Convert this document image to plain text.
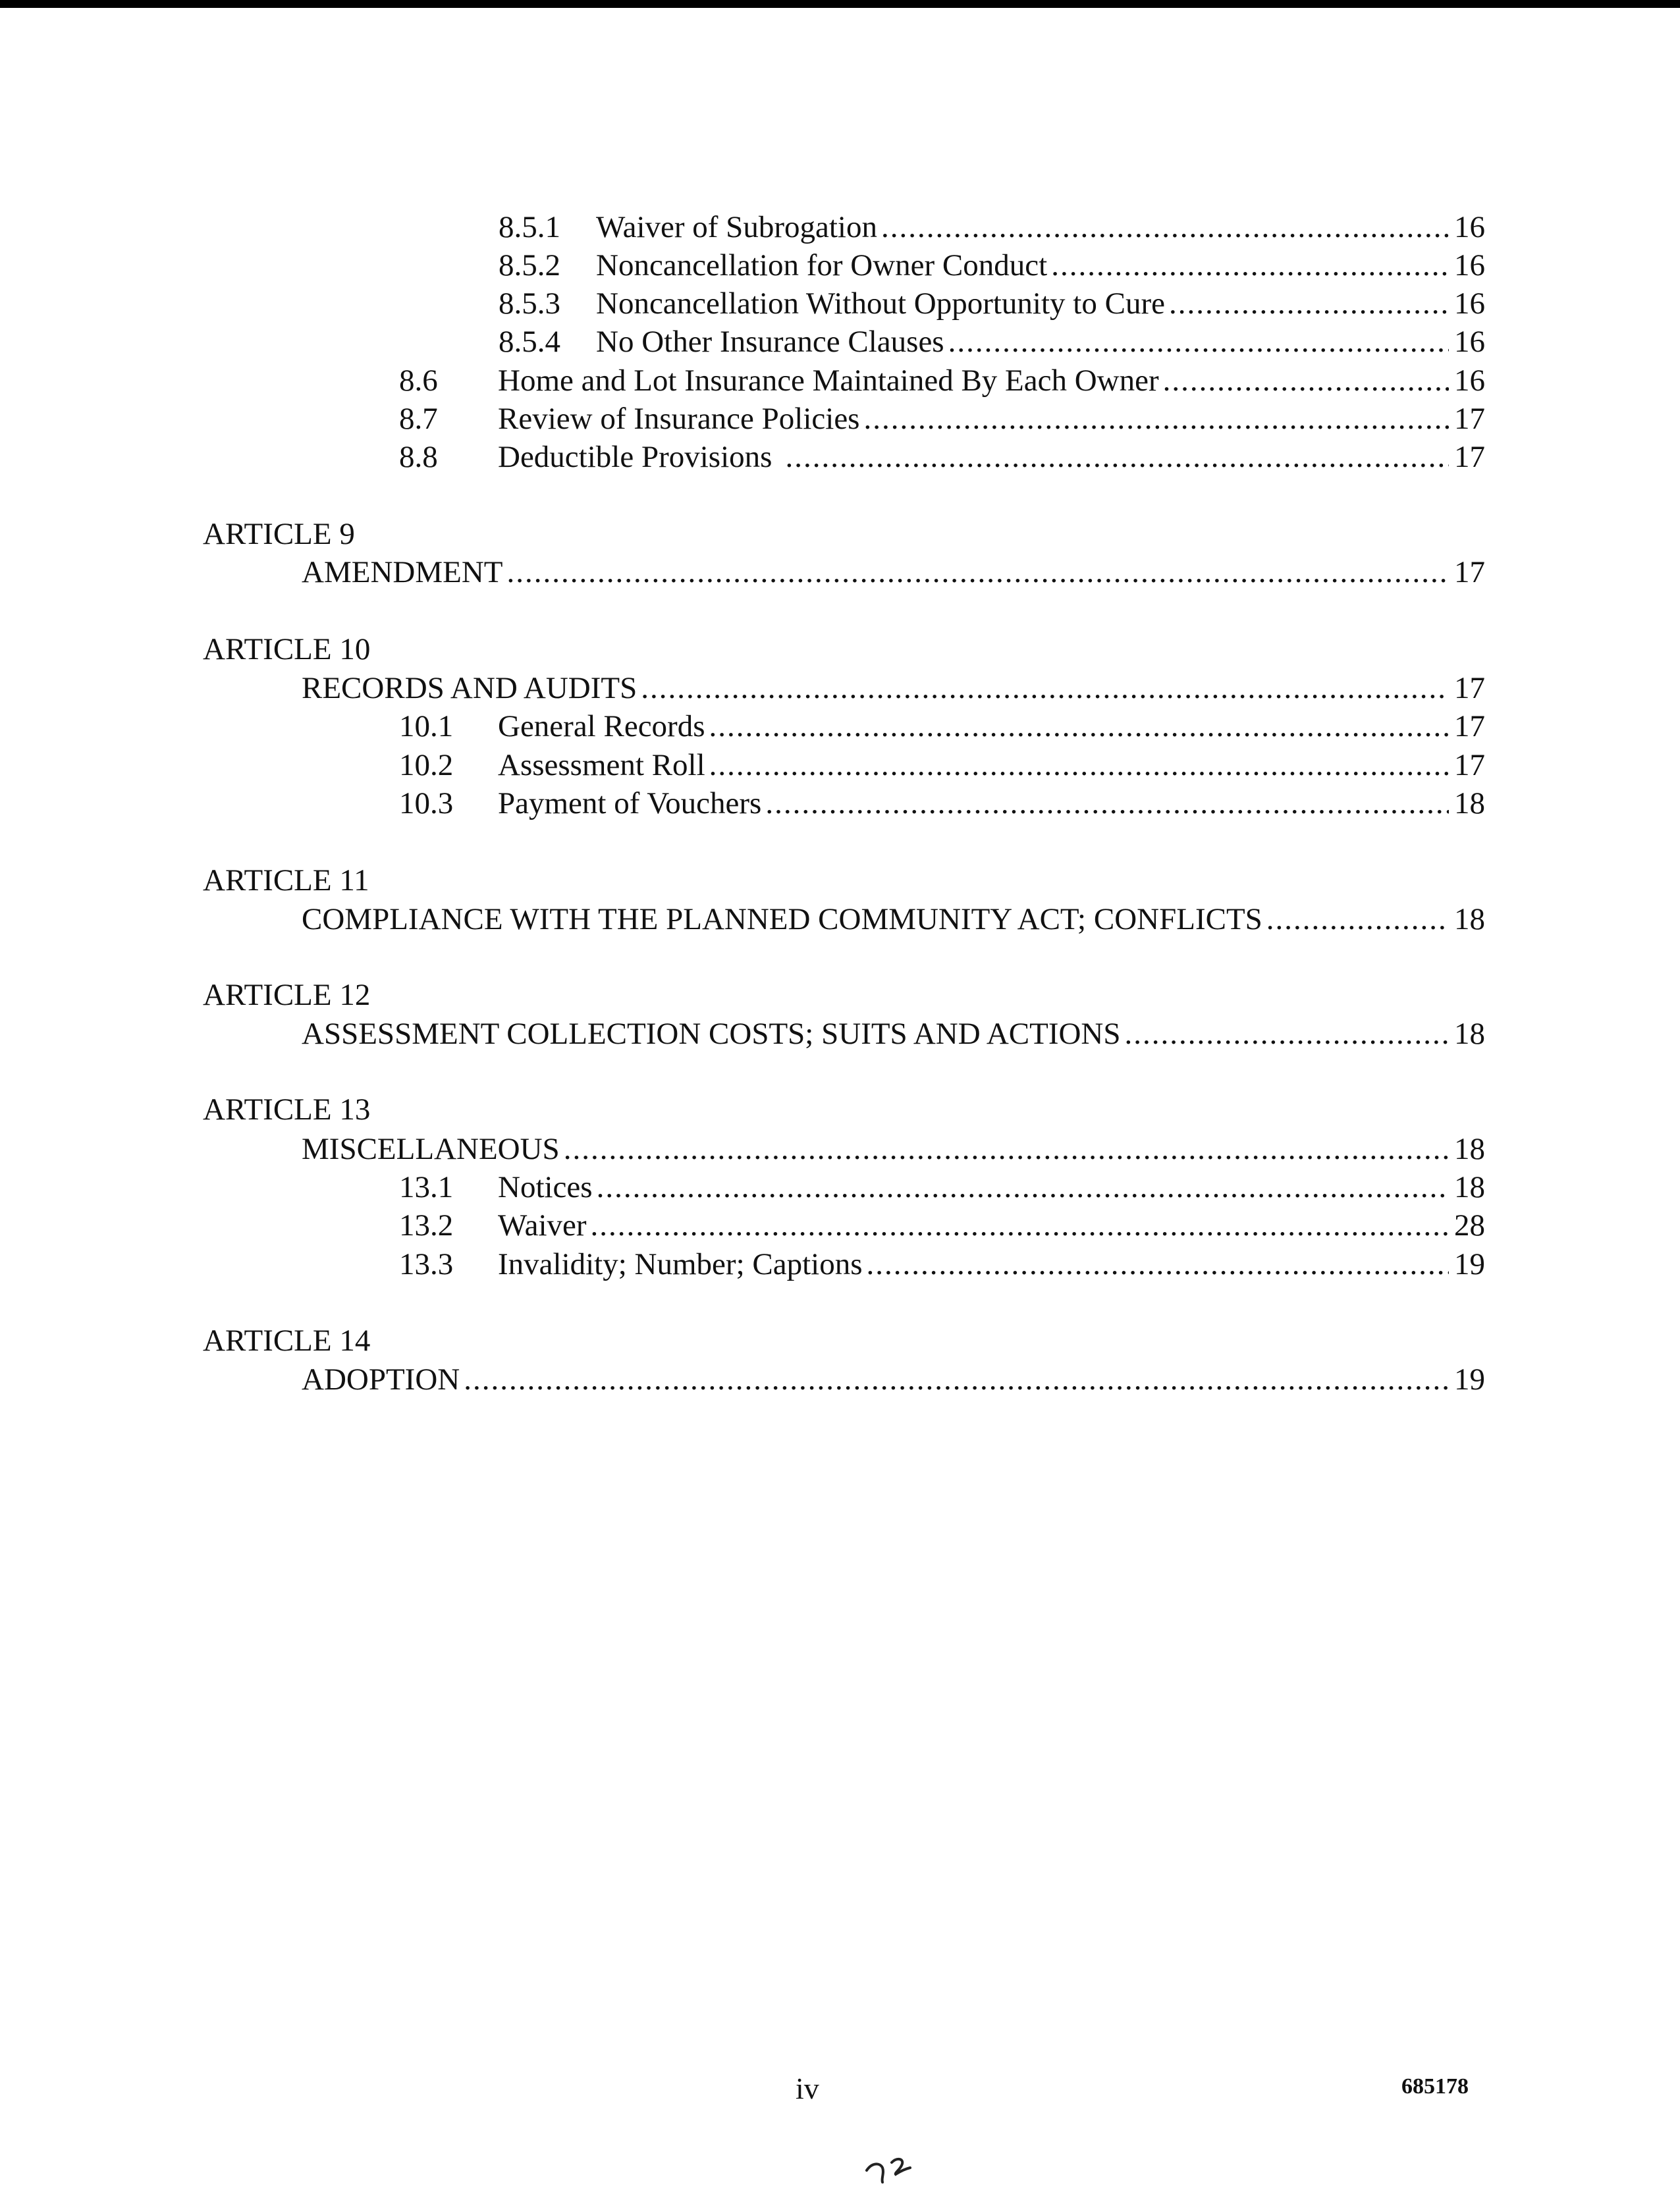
8.5.1 Waiver of Subrogation .....	16
8.5.2 Noncancellation for Owner Conduct .....	16
8.5.3 Noncancellation Without Opportunity to Cure .....	16
8.5.4 No Other Insurance Clauses .....	16
8.6 Home and Lot Insurance Maintained By Each Owner .....	16
8.7 Review of Insurance Policies .....	17
8.8 Deductible Provisions .....	17
ARTICLE 9
AMENDMENT .....	17
ARTICLE 10
RECORDS AND AUDITS .....	17
10.1 General Records .....	17
10.2 Assessment Roll .....	17
10.3 Payment of Vouchers .....	18
ARTICLE 11
COMPLIANCE WITH THE PLANNED COMMUNITY ACT; CONFLICTS .....	18
ARTICLE 12
ASSESSMENT COLLECTION COSTS; SUITS AND ACTIONS .....	18
ARTICLE 13
MISCELLANEOUS .....	18
13.1 Notices .....	18
13.2 Waiver .....	28
13.3 Invalidity; Number; Captions .....	19
ARTICLE 14
ADOPTION .....	19
iv	685178
